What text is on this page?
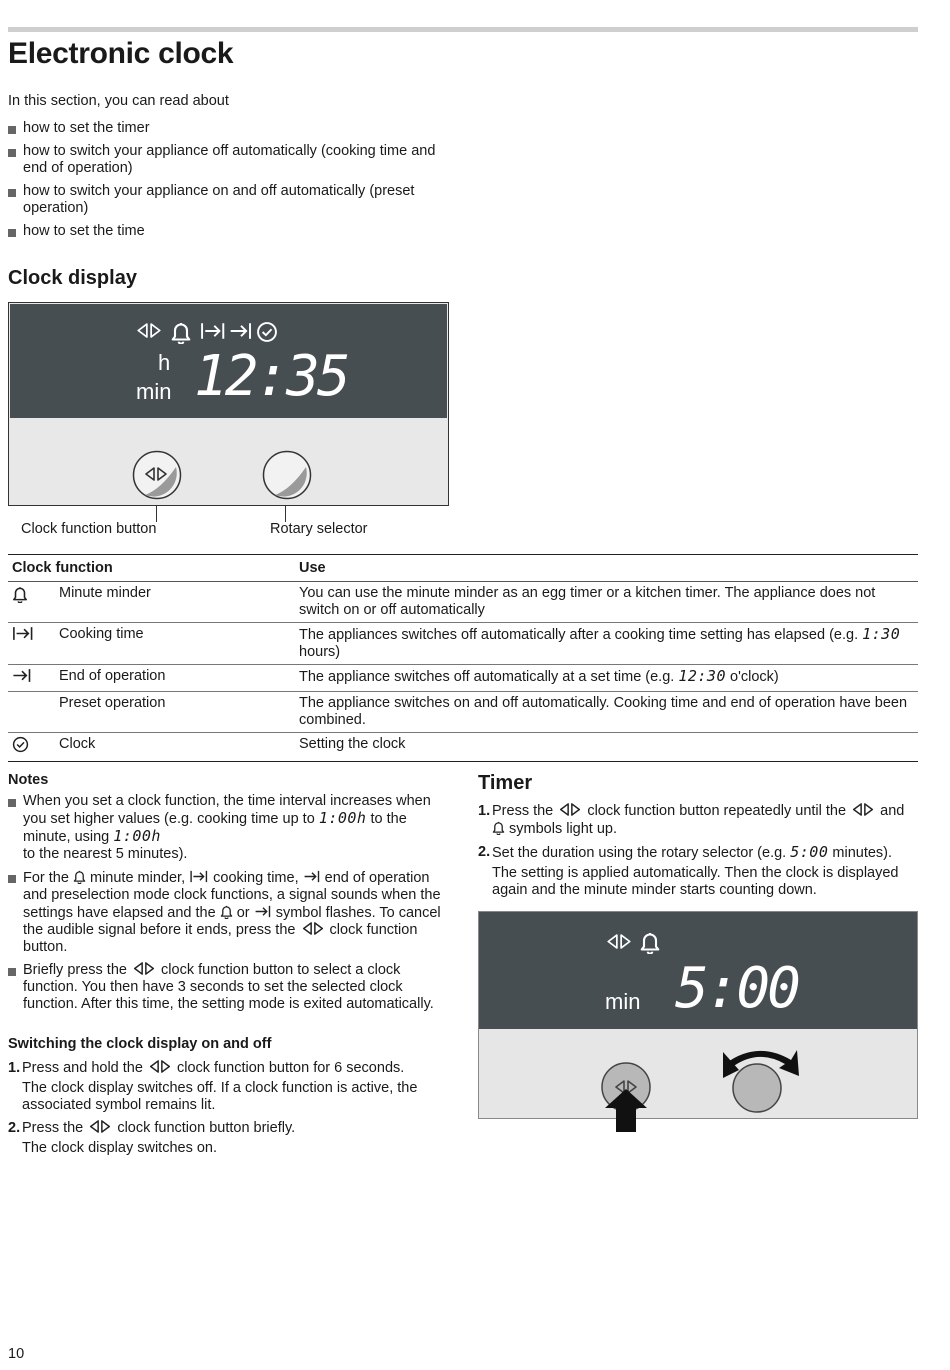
Electronic clock
In this section, you can read about
how to set the timer
how to switch your appliance off automatically (cooking time and end of operation)
how to switch your appliance on and off automatically (preset operation)
how to set the time
Clock display
h
min 12:35
Clock function button	Rotary selector
Clock function		Use
	Minute minder	You can use the minute minder as an egg timer or a kitchen timer. The appliance does not switch on or off automatically
	Cooking time	The appliances switches off automatically after a cooking time setting has elapsed (e.g. 1:30 hours)
	End of operation	The appliance switches off automatically at a set time (e.g. 12:30 o'clock)
	Preset operation	The appliance switches on and off automatically. Cooking time and end of operation have been combined.
	Clock	Setting the clock
Notes
When you set a clock function, the time interval increases when you set higher values (e.g. cooking time up to 1:00h to the minute, using 1:00h
to the nearest 5 minutes).
For the minute minder, cooking time, end of operation and preselection mode clock functions, a signal sounds when the settings have elapsed and the or symbol flashes. To cancel the audible signal before it ends, press the clock function button.
Briefly press the clock function button to select a clock function. You then have 3 seconds to set the selected clock function. After this time, the setting mode is exited automatically.
Switching the clock display on and off
1. Press and hold the clock function button for 6 seconds.
The clock display switches off. If a clock function is active, the associated symbol remains lit.
2. Press the clock function button briefly.
The clock display switches on.
Timer
1. Press the clock function button repeatedly until the and  symbols light up.
2. Set the duration using the rotary selector (e.g. 5:00 minutes).
The setting is applied automatically. Then the clock is displayed again and the minute minder starts counting down.
min 5:00
10
